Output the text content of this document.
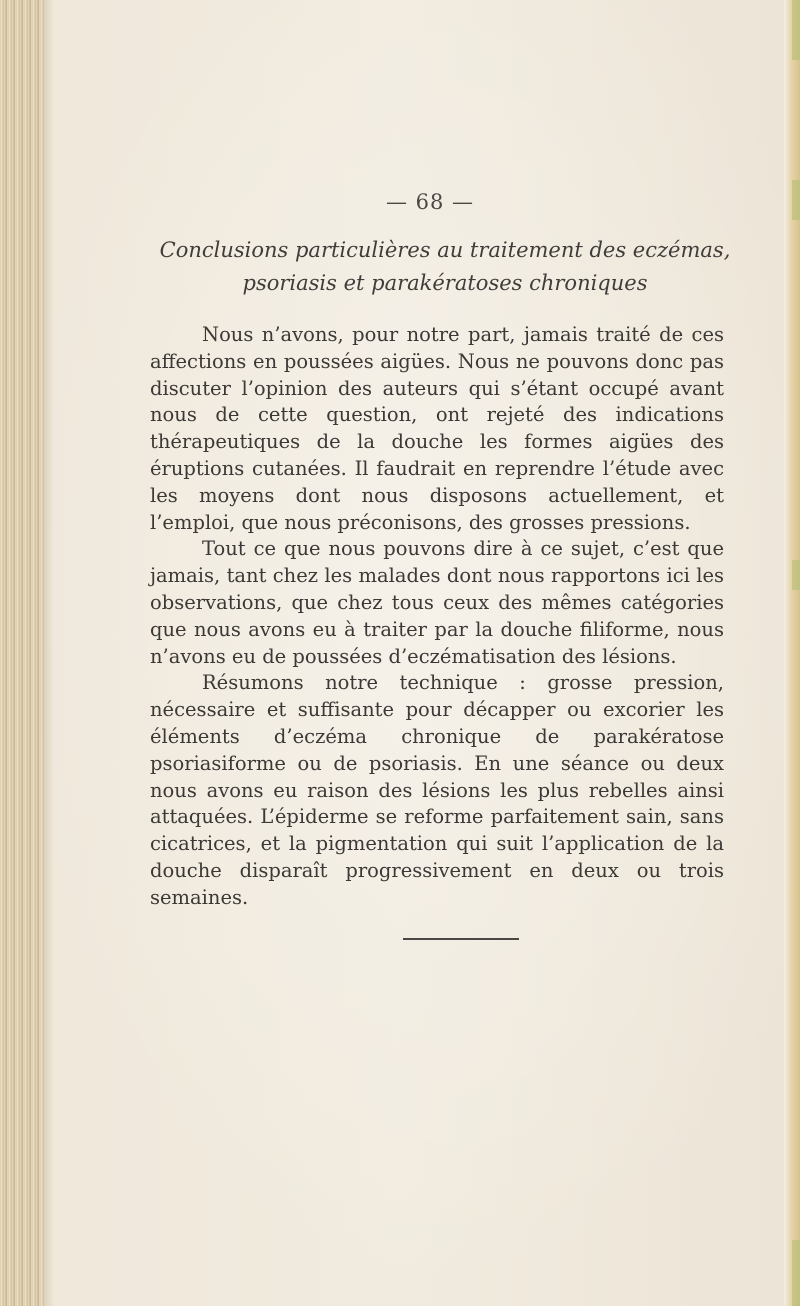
— 68 —
Conclusions particulières au traitement des eczémas,
psoriasis et parakératoses chroniques

Nous n’avons, pour notre part, jamais traité de ces affections en poussées aigües. Nous ne pouvons donc pas discuter l’opinion des auteurs qui s’étant occupé avant nous de cette question, ont rejeté des indications thérapeutiques de la douche les formes aigües des éruptions cutanées. Il faudrait en reprendre l’étude avec les moyens dont nous disposons actuellement, et l’emploi, que nous préconisons, des grosses pressions.

Tout ce que nous pouvons dire à ce sujet, c’est que jamais, tant chez les malades dont nous rapportons ici les observations, que chez tous ceux des mêmes catégories que nous avons eu à traiter par la douche filiforme, nous n’avons eu de poussées d’eczématisation des lésions.

Résumons notre technique : grosse pression, nécessaire et suffisante pour décapper ou excorier les éléments d’eczéma chronique de parakératose psoriasiforme ou de psoriasis. En une séance ou deux nous avons eu raison des lésions les plus rebelles ainsi attaquées. L’épiderme se reforme parfaitement sain, sans cicatrices, et la pigmentation qui suit l’application de la douche disparaît progressivement en deux ou trois semaines.
